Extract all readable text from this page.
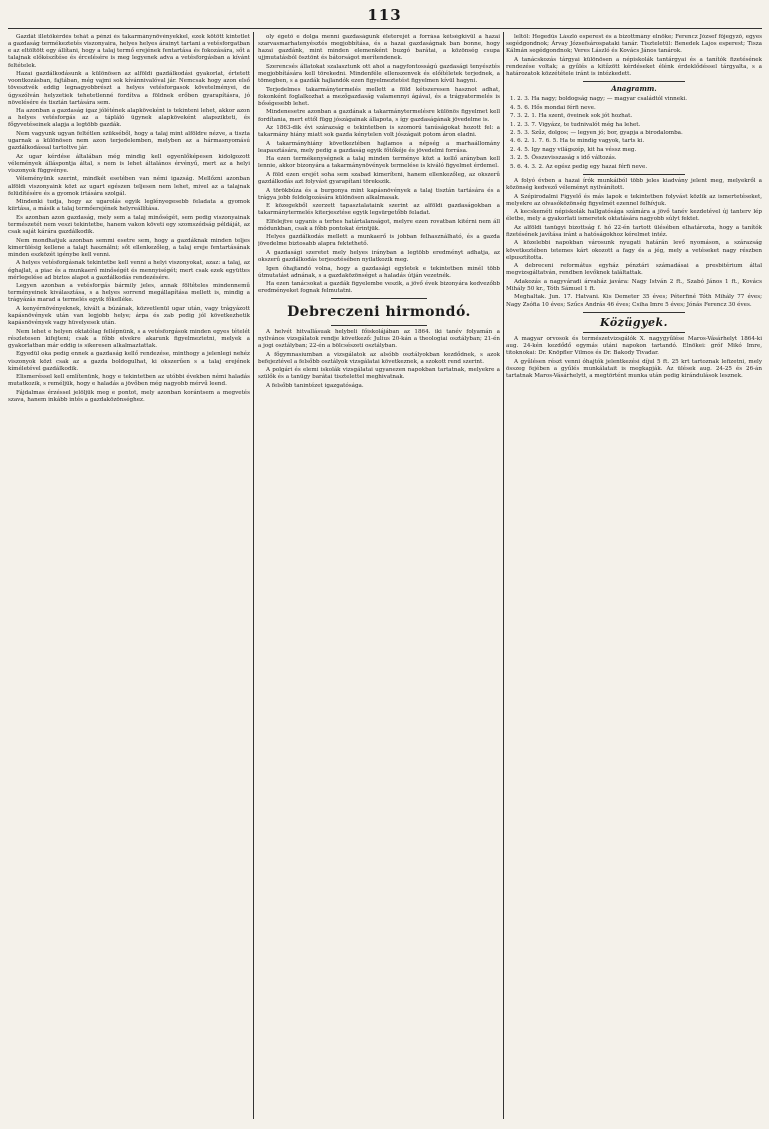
113

Gazdát illetőkérdés tehát a pénzi és takarmánynövényekkel, ezek kötött kintetlet a gazdaság termékeztetés viszonyaira, helyes helyes árainyt tartani a vetésforgatban e az eltöltött egy állítani, hogy a talaj termő erejének fentartása és fokozására, sőt a talajnak előkészítése és ércelésére is meg legyenek adva a vetésforgásban a kívánt feltételek.

Hazai gazdálkodásunk a különösen az alföldi gazdálkodási gyakorlat, értetett voontkozásban, fajtában, még vajmi sok kívánnivalóval jár. Nemcsak hogy azon első tövesztvék eddig legnagyobbrészt a helyes vetésforgasok követelményei, de úgyszólván helyzetiek tehetetlenné fordítva a földnek erőben gyarapításra, jó növelésére és tisztán tartására sem.

Ha azonban a gazdaság igaz jólétének alapköveként is tekinteni lehet, akkor azon a helyes vetésforgás az a tápláló ügynek alapköveként alapszikteti, és főgyvetéseinek alapja a legtöbb gazdák.

Nem vagyunk ugyan feltétlen szükséből, hogy a talaj mint alföldre nézve, a tiszta ugarnak a különösen nem azon terjedelemben, melyben az a hármasnyomású gazdálkodással tartoltve jár.

Az ugar kérdése általában még mindig kell egyenlőképesen kidolgozott vélemények álláspontja által, s nem is lehet általános érvényű, mert az a helyi viszonyok függvénye.

Véleményünk szerint, mindkét esetében van némi igazság. Mellőzni azonban alföldi viszonyaink közt az ugart egészen teljesen nem lehet, mivel az a talajnak felüdítésére és a gyomok irtására szolgál.

Mindenki tudja, hogy az ugarolás egyik leglényegesebb feladata a gyomok kiirtása, a másik a talaj termőerejének helyreállítása.

Es azonban azon gazdaság, mely sem a talaj minőségét, sem pedig viszonyainak természetét nem veszi tekintetbe, hanem vakon követi egy szomszédság példáját, az csak saját kárára gazdálkodik.

Nem mondhatjuk azonban semmi esetre sem, hogy a gazdáknak minden teljes kimerülésig kellene a talajt használni; sőt ellenkezőleg, a talaj ereje fentartásának minden eszközét igénybe kell venni.

A helyes vetésforgásnak tekintetbe kell venni a helyi viszonyokat, azaz: a talaj, az éghajlat, a piac és a munkaerő minőségét és mennyiségét; mert csak ezek együttes mérlegelése ad biztos alapot a gazdálkodás rendezésére.

Legyen azonban a vetésforgás bármily jeles, annak föltételes mindennemű terményeinek kiválasztása, s a helyes sorrend megállapítása mellett is, mindig a trágyázás marad a termelés egyik főkelléke.

A kenyérnövényeknek, kivált a búzának, közvetlenül ugar után, vagy trágyázott kapásnövények után van legjobb helye; árpa és zab pedig jól következhetik kapásnövények vagy hüvelyesek után.

Nem lehet e helyen oktatólag fellépnünk, s a vetésforgások minden egyes tételét részletesen kifejteni; csak a főbb elvekre akarunk figyelmeztetni, melyek a gyakorlatban már eddig is sikeresen alkalmaztattak.

Egyedül oka pedig ennek a gazdaság kellő rendezése, minthogy a jelenlegi nehéz viszonyok közt csak az a gazda boldogulhat, ki okszerűen s a talaj erejének kíméletével gazdálkodik.

Elismeréssel kell említenünk, hogy e tekintetben az utóbbi években némi haladás mutatkozik, s reméljük, hogy e haladás a jövőben még nagyobb mérvű leend.

Fájdalmas érzéssel jelöljük meg e pontot, mely azonban korántsem a megvetés szava, hanem inkább intés a gazdaközönséghez.

oly égető e dolga menni gazdaságunk életerejét a forrása kétségkívül a hazai szarvasmarhatenyésztés megjobbítása, és a hazai gazdaságnak ban bonne, hogy hazai gazdánk, mint minden elemenként buzgó barátai, a közönség csupa ujjmutatásból ösztönt és bátorságot merítendenek.

Szerencsés állatokat szalasztunk ott ahol a nagyfontosságú gazdasági tenyésztés megjobbítására kell törekedni. Mindenféle ellenszenvek és előítéletek terjednek, a tömegben, s a gazdák hajlandók ezen figyelmeztetést figyelmen kívül hagyni.

Terjedelmes takarmánytermelés mellett a föld kétszeresen hasznot adhat, fokonként foglalkozhat a mezőgazdaság valamennyi ágával, és a trágyatermelés is bőségesebb lehet.

Mindenesetre azonban a gazdának a takarmánytermelésre különös figyelmet kell fordítania, mert ettől függ jószágainak állapota, s így gazdaságának jövedelme is.

Az 1863-dik évi szárazság e tekintetben is szomorú tanúságokat hozott fel: a takarmány hiány miatt sok gazda kénytelen volt jószágait potom áron eladni.

A takarmányhiány következtében hajlamos a népség a marhaállomány leapasztására, mely pedig a gazdaság egyik főtőkéje és jövedelmi forrása.

Ha ezen termékenységnek a talaj minden terménye közt a kellő arányban kell lennie, akkor bizonyára a takarmánynövények termelése is kiváló figyelmet érdemel.

A föld ezen erejét soha sem szabad kimeríteni, hanem ellenkezőleg, az okszerű gazdálkodás azt folyvást gyarapítani törekszik.

A törökbúza és a burgonya mint kapásnövények a talaj tisztán tartására és a trágya jobb feldolgozására különösen alkalmasak.

E közegekből szerzett tapasztalataink szerint az alföldi gazdaságokban a takarmánytermelés kiterjesztése egyik legsürgetőbb feladat.

Elfelejtve ugyanis a terhes határtalanságot, melyre ezen rovatban kitérni nem áll módunkban, csak a főbb pontokat érintjük.

Helyes gazdálkodás mellett a munkaerő is jobban felhasználható, és a gazda jövedelme biztosabb alapra fektethető.

A gazdasági szeretet mely helyes irányban a legtöbb eredményt adhatja, az okszerű gazdálkodás terjesztésében nyilatkozik meg.

Igen óhajtandó volna, hogy a gazdasági egyletek e tekintetben minél több útmutatást adnának, s a gazdaközönséget a haladás útján vezetnék.

Ha ezen tanácsokat a gazdák figyelembe veszik, a jövő évek bizonyára kedvezőbb eredményeket fognak felmutatni.

Debreczeni hirmondó.

A helvét hitvallásuak helybeli főiskolájában az 1864. iki tanév folyamán a nyilvános vizsgálatok rendje következő: Julius 20-kán a theologiai osztályban; 21-én a jogi osztályban; 22-én a bölcsészeti osztályban.

A főgymnasiumban a vizsgálatok az alsóbb osztályokban kezdődnek, s azok befejeztével a felsőbb osztályok vizsgálatai következnek, a szokott rend szerint.

A polgári és elemi iskolák vizsgálatai ugyanezen napokban tartatnak, melyekre a szülők és a tanügy barátai tisztelettel meghivatnak.

A felsőbb tanintézet igazgatósága.

leltől: Hegedűs László esperest és a bizottmány elnöke; Ferencz József főjegyző, egyes segédgondnok; Árvay Józsefsárospataki tanár. Tiszteletül: Benedek Lajos esperest; Tisza Kálmán segédgondnok; Veres László és Kovács János tanárok.

A tanácskozás tárgyai különösen a népiskolák tantárgyai és a tanítók fizetésének rendezése voltak; a gyűlés a kitűzött kérdéseket élénk érdeklődéssel tárgyalta, s a határozatok közzététele iránt is intézkedett.

Anagramm.

1. 2. 3. Ha nagy; boldogság nagy; — magyar családtól vinneki.

4. 5. 6. Hős mondai férfi neve.

7. 3. 2. 1. Ha szent, öveinek sok jót hozhat.

1. 2. 3. 7. Vigyázz, te tudnivalót még ha lehet.

2. 5. 3. Szűz, dolgos; — legyen jó; bor, gyapja a birodalomba.

4. 6. 2. 1. 7. 6. 5. Ha te mindig vagyok, tarts ki.

2. 4. 5. Igy nagy világszép, kit ha véssz meg.

3. 2. 5. Összevisszaság s idő változás.

5. 6. 4. 3. 2. Az egész pedig egy hazai férfi neve.

A folyó évben a hazai írók munkáiból több jeles kiadvány jelent meg, melyekről a közönség kedvező véleményt nyilvánított.

A Szépirodalmi Figyelő és más lapok e tekintetben folyvást közlik az ismertetéseket, melyekre az olvasóközönség figyelmét ezennel felhívjuk.

A kecskeméti népiskolák hallgatósága számára a jövő tanév kezdetével új tanterv lép életbe, mely a gyakorlati ismeretek oktatására nagyobb súlyt fektet.

Az alföldi tanügyi bizottság f. hó 22-én tartott ülésében elhatározta, hogy a tanítók fizetésének javítása iránt a hatóságokhoz kérelmet intéz.

A közelebbi napokban városunk nyugati határán levő nyomáson, a szárazság következtében tetemes kárt okozott a fagy és a jég, mely a vetéseket nagy részben elpusztította.

A debreceni református egyház pénztári számadásai a presbitérium által megvizsgáltatván, rendben levőknek találtattak.

Adakozás a nagyváradi árvaház javára: Nagy István 2 ft., Szabó János 1 ft., Kovács Mihály 50 kr., Tóth Sámuel 1 ft.

Meghaltak. Jun. 17. Hatvani. Kis Demeter 35 éves; Péterfiné Tóth Mihály 77 éves; Nagy Zsófia 10 éves; Szűcs András 46 éves; Csiha Imre 5 éves; Jónás Ferencz 30 éves.

Közügyek.

A magyar orvosok és természetvizsgálók X. nagygyűlése Maros-Vásárhelyt 1864-ki aug. 24-kén kezdődő egymás utáni napokon tartandó. Elnökei: gróf Mikó Imre, titoknokai: Dr. Knöpfler Vilmos és Dr. Bakody Tivadar.

A gyűlésen részt venni óhajtók jelentkezési díjul 5 ft. 25 krt tartoznak lefizetni, mely összeg fejében a gyűlés munkálatait is megkapják. Az ülések aug. 24-25 és 26-án tartatnak Maros-Vásárhelytt, a megtörtént munka után pedig kirándulások lesznek.
